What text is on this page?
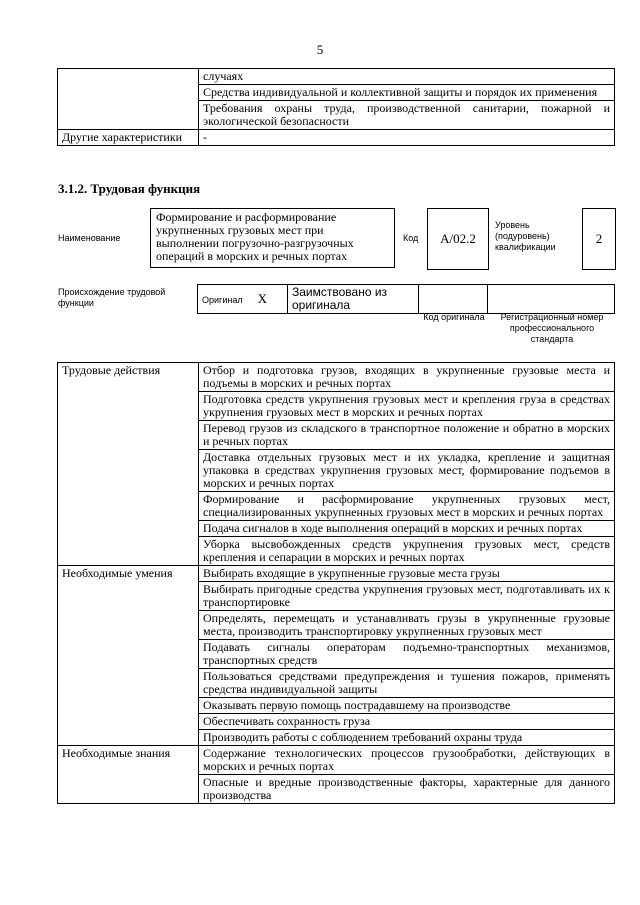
5
	случаях
	Средства индивидуальной и коллективной защиты и порядок их применения
	Требования охраны труда, производственной санитарии, пожарной и экологической безопасности
Другие характеристики	-
3.1.2. Трудовая функция
Наименование
Формирование и расформирование укрупненных грузовых мест при выполнении погрузочно-разгрузочных операций в морских и речных портах
Код	A/02.2
Уровень (подуровень) квалификации
2
Происхождение трудовой функции	Оригинал X	Заимствовано из оригинала		
Код оригинала	Регистрационный номер профессионального стандарта
Трудовые действия	Отбор и подготовка грузов, входящих в укрупненные грузовые места и подъемы в морских и речных портах
	Подготовка средств укрупнения грузовых мест и крепления груза в средствах укрупнения грузовых мест в морских и речных портах
	Перевод грузов из складского в транспортное положение и обратно в морских и речных портах
	Доставка отдельных грузовых мест и их укладка, крепление и защитная упаковка в средствах укрупнения грузовых мест, формирование подъемов в морских и речных портах
	Формирование и расформирование укрупненных грузовых мест, специализированных укрупненных грузовых мест в морских и речных портах
	Подача сигналов в ходе выполнения операций в морских и речных портах
	Уборка высвобожденных средств укрупнения грузовых мест, средств крепления и сепарации в морских и речных портах
Необходимые умения	Выбирать входящие в укрупненные грузовые места грузы
	Выбирать пригодные средства укрупнения грузовых мест, подготавливать их к транспортировке
	Определять, перемещать и устанавливать грузы в укрупненные грузовые места, производить транспортировку укрупненных грузовых мест
	Подавать сигналы операторам подъемно-транспортных механизмов, транспортных средств
	Пользоваться средствами предупреждения и тушения пожаров, применять средства индивидуальной защиты
	Оказывать первую помощь пострадавшему на производстве
	Обеспечивать сохранность груза
	Производить работы с соблюдением требований охраны труда
Необходимые знания	Содержание технологических процессов грузообработки, действующих в морских и речных портах
	Опасные и вредные производственные факторы, характерные для данного производства
